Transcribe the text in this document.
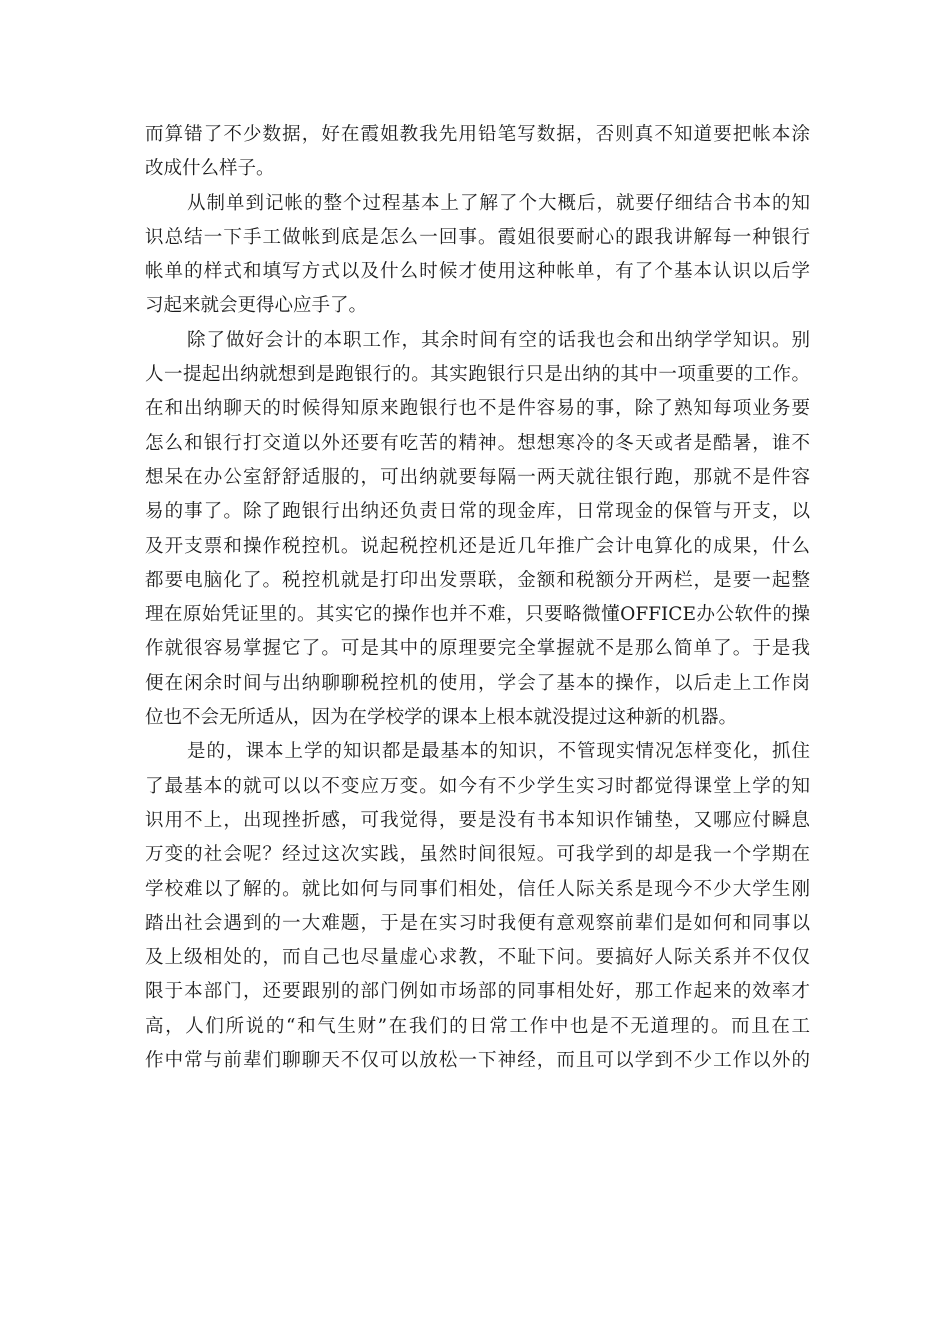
而算错了不少数据，好在霞姐教我先用铅笔写数据，否则真不知道要把帐本涂
改成什么样子。
从制单到记帐的整个过程基本上了解了个大概后，就要仔细结合书本的知
识总结一下手工做帐到底是怎么一回事。霞姐很要耐心的跟我讲解每一种银行
帐单的样式和填写方式以及什么时候才使用这种帐单，有了个基本认识以后学
习起来就会更得心应手了。
除了做好会计的本职工作，其余时间有空的话我也会和出纳学学知识。别
人一提起出纳就想到是跑银行的。其实跑银行只是出纳的其中一项重要的工作。
在和出纳聊天的时候得知原来跑银行也不是件容易的事，除了熟知每项业务要
怎么和银行打交道以外还要有吃苦的精神。想想寒冷的冬天或者是酷暑，谁不
想呆在办公室舒舒适服的，可出纳就要每隔一两天就往银行跑，那就不是件容
易的事了。除了跑银行出纳还负责日常的现金库，日常现金的保管与开支，以
及开支票和操作税控机。说起税控机还是近几年推广会计电算化的成果，什么
都要电脑化了。税控机就是打印出发票联，金额和税额分开两栏，是要一起整
理在原始凭证里的。其实它的操作也并不难，只要略微懂OFFICE办公软件的操
作就很容易掌握它了。可是其中的原理要完全掌握就不是那么简单了。于是我
便在闲余时间与出纳聊聊税控机的使用，学会了基本的操作，以后走上工作岗
位也不会无所适从，因为在学校学的课本上根本就没提过这种新的机器。
是的，课本上学的知识都是最基本的知识，不管现实情况怎样变化，抓住
了最基本的就可以以不变应万变。如今有不少学生实习时都觉得课堂上学的知
识用不上，出现挫折感，可我觉得，要是没有书本知识作铺垫，又哪应付瞬息
万变的社会呢？经过这次实践，虽然时间很短。可我学到的却是我一个学期在
学校难以了解的。就比如何与同事们相处，信任人际关系是现今不少大学生刚
踏出社会遇到的一大难题，于是在实习时我便有意观察前辈们是如何和同事以
及上级相处的，而自己也尽量虚心求教，不耻下问。要搞好人际关系并不仅仅
限于本部门，还要跟别的部门例如市场部的同事相处好，那工作起来的效率才
高，人们所说的“和气生财”在我们的日常工作中也是不无道理的。而且在工
作中常与前辈们聊聊天不仅可以放松一下神经，而且可以学到不少工作以外的
